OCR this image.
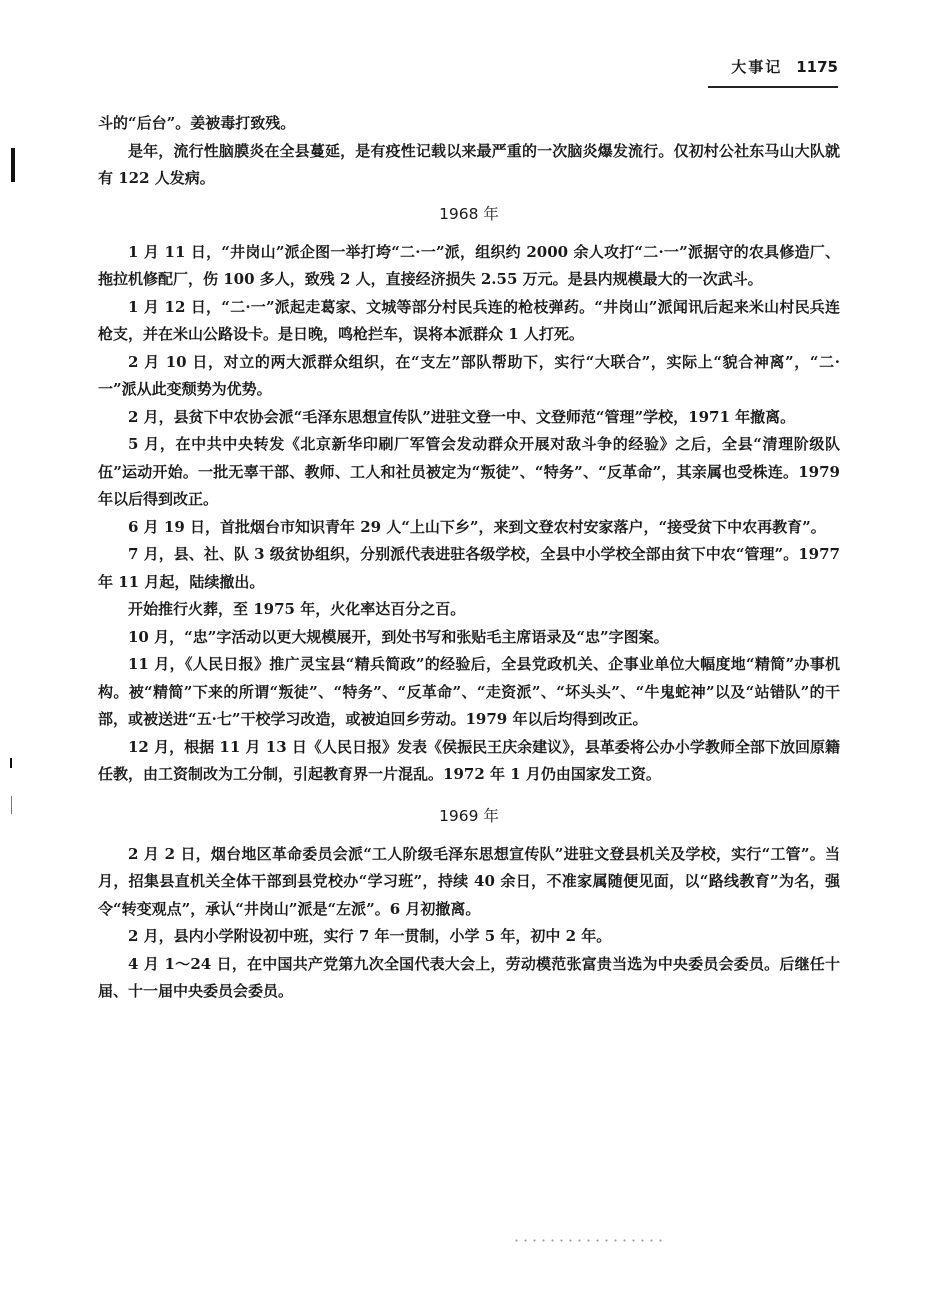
大事记 1175

斗的“后台”。姜被毒打致残。

是年，流行性脑膜炎在全县蔓延，是有疫性记载以来最严重的一次脑炎爆发流行。仅初村公社东马山大队就有 122 人发病。

1968 年

1 月 11 日，“井岗山”派企图一举打垮“二·一”派，组织约 2000 余人攻打“二·一”派据守的农具修造厂、拖拉机修配厂，伤 100 多人，致残 2 人，直接经济损失 2.55 万元。是县内规模最大的一次武斗。

1 月 12 日，“二·一”派起走葛家、文城等部分村民兵连的枪枝弹药。“井岗山”派闻讯后起来米山村民兵连枪支，并在米山公路设卡。是日晚，鸣枪拦车，误将本派群众 1 人打死。

2 月 10 日，对立的两大派群众组织，在“支左”部队帮助下，实行“大联合”，实际上“貌合神离”，“二·一”派从此变颓势为优势。

2 月，县贫下中农协会派“毛泽东思想宣传队”进驻文登一中、文登师范“管理”学校，1971 年撤离。

5 月，在中共中央转发《北京新华印刷厂军管会发动群众开展对敌斗争的经验》之后，全县“清理阶级队伍”运动开始。一批无辜干部、教师、工人和社员被定为“叛徒”、“特务”、“反革命”，其亲属也受株连。1979 年以后得到改正。

6 月 19 日，首批烟台市知识青年 29 人“上山下乡”，来到文登农村安家落户，“接受贫下中农再教育”。

7 月，县、社、队 3 级贫协组织，分别派代表进驻各级学校，全县中小学校全部由贫下中农“管理”。1977 年 11 月起，陆续撤出。

开始推行火葬，至 1975 年，火化率达百分之百。

10 月，“忠”字活动以更大规模展开，到处书写和张贴毛主席语录及“忠”字图案。

11 月，《人民日报》推广灵宝县“精兵简政”的经验后，全县党政机关、企事业单位大幅度地“精简”办事机构。被“精简”下来的所谓“叛徒”、“特务”、“反革命”、“走资派”、“坏头头”、“牛鬼蛇神”以及“站错队”的干部，或被送进“五·七”干校学习改造，或被迫回乡劳动。1979 年以后均得到改正。

12 月，根据 11 月 13 日《人民日报》发表《侯振民王庆余建议》，县革委将公办小学教师全部下放回原籍任教，由工资制改为工分制，引起教育界一片混乱。1972 年 1 月仍由国家发工资。

1969 年

2 月 2 日，烟台地区革命委员会派“工人阶级毛泽东思想宣传队”进驻文登县机关及学校，实行“工管”。当月，招集县直机关全体干部到县党校办“学习班”，持续 40 余日，不准家属随便见面，以“路线教育”为名，强令“转变观点”，承认“井岗山”派是“左派”。6 月初撤离。

2 月，县内小学附设初中班，实行 7 年一贯制，小学 5 年，初中 2 年。

4 月 1～24 日，在中国共产党第九次全国代表大会上，劳动模范张富贵当选为中央委员会委员。后继任十届、十一届中央委员会委员。
